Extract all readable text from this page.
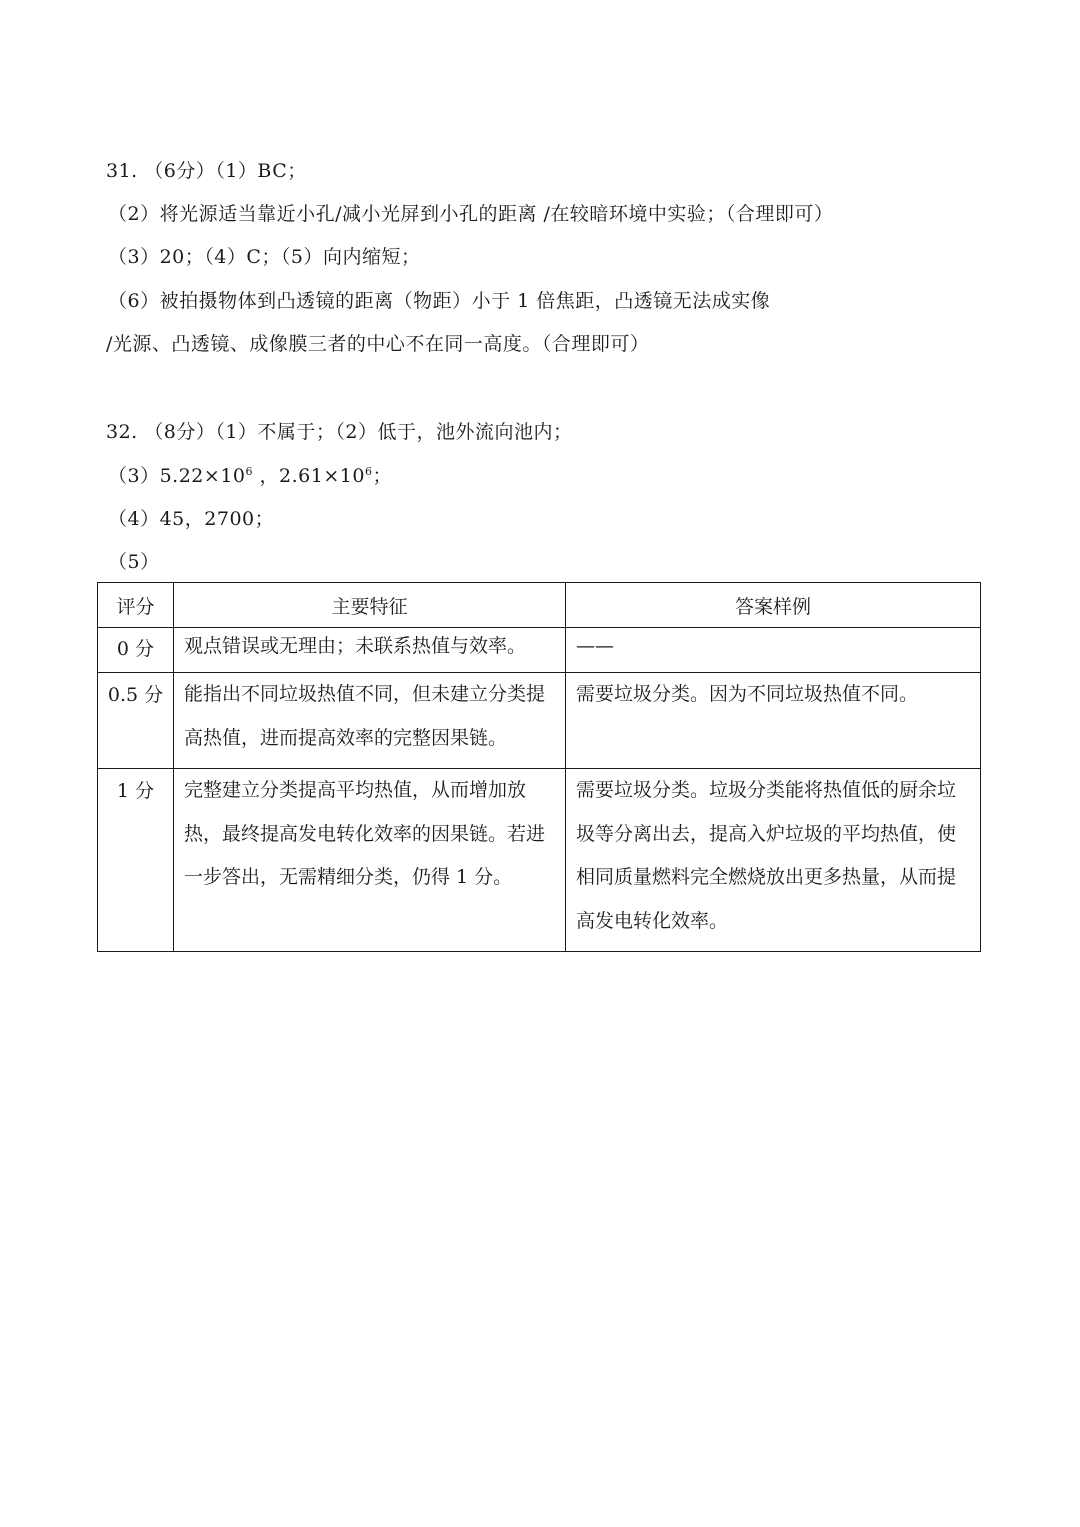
31. （6分）（1）BC；
（2）将光源适当靠近小孔/减小光屏到小孔的距离 /在较暗环境中实验；（合理即可）
（3）20；（4）C；（5）向内缩短；
（6）被拍摄物体到凸透镜的距离（物距）小于 1 倍焦距，凸透镜无法成实像
/光源、凸透镜、成像膜三者的中心不在同一高度。（合理即可）
32. （8分）（1）不属于；（2）低于，池外流向池内；
$(3)5.22\times 10^6$ ，$2.61\times 10^6$；
（4）45，2700；
（5）
评分	主要特征	答案样例

0 分	观点错误或无理由；未联系热值与效率。	——

0.5 分	能指出不同垃圾热值不同，但未建立分类提高热值，进而提高效率的完整因果链。	需要垃圾分类。因为不同垃圾热值不同。

1 分	完整建立分类提高平均热值，从而增加放热，最终提高发电转化效率的因果链。若进一步答出，无需精细分类，仍得 1 分。	需要垃圾分类。垃圾分类能将热值低的厨余垃圾等分离出去，提高入炉垃圾的平均热值，使相同质量燃料完全燃烧放出更多热量，从而提高发电转化效率。
